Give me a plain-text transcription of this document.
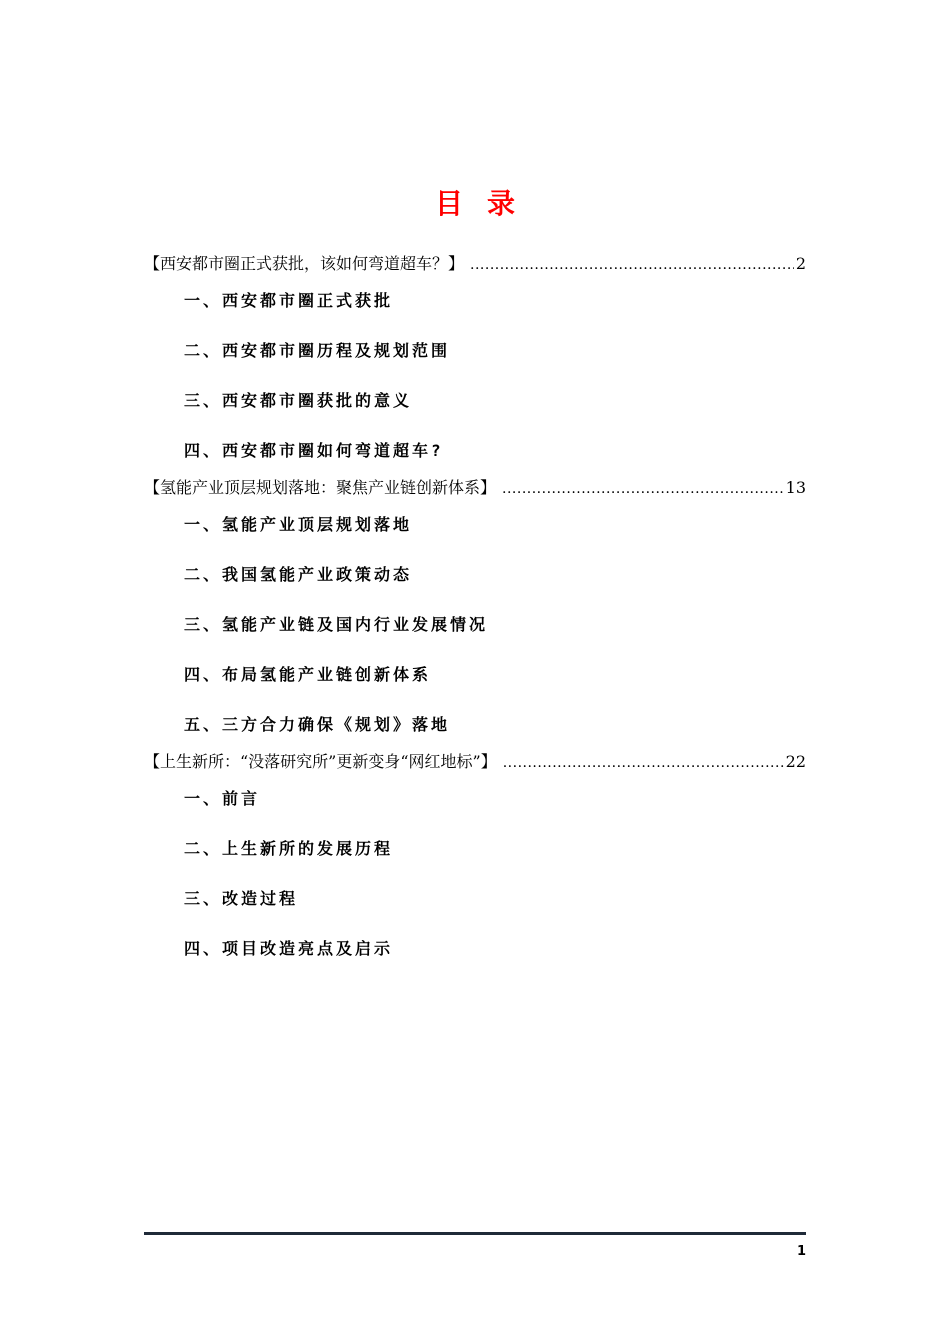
目录
【西安都市圈正式获批，该如何弯道超车？】 .....	2
一、西安都市圈正式获批
二、西安都市圈历程及规划范围
三、西安都市圈获批的意义
四、西安都市圈如何弯道超车?
【氢能产业顶层规划落地：聚焦产业链创新体系】 .....	13
一、氢能产业顶层规划落地
二、我国氢能产业政策动态
三、氢能产业链及国内行业发展情况
四、布局氢能产业链创新体系
五、三方合力确保《规划》落地
【上生新所：“没落研究所”更新变身“网红地标”】 .....	22
一、前言
二、上生新所的发展历程
三、改造过程
四、项目改造亮点及启示
1
